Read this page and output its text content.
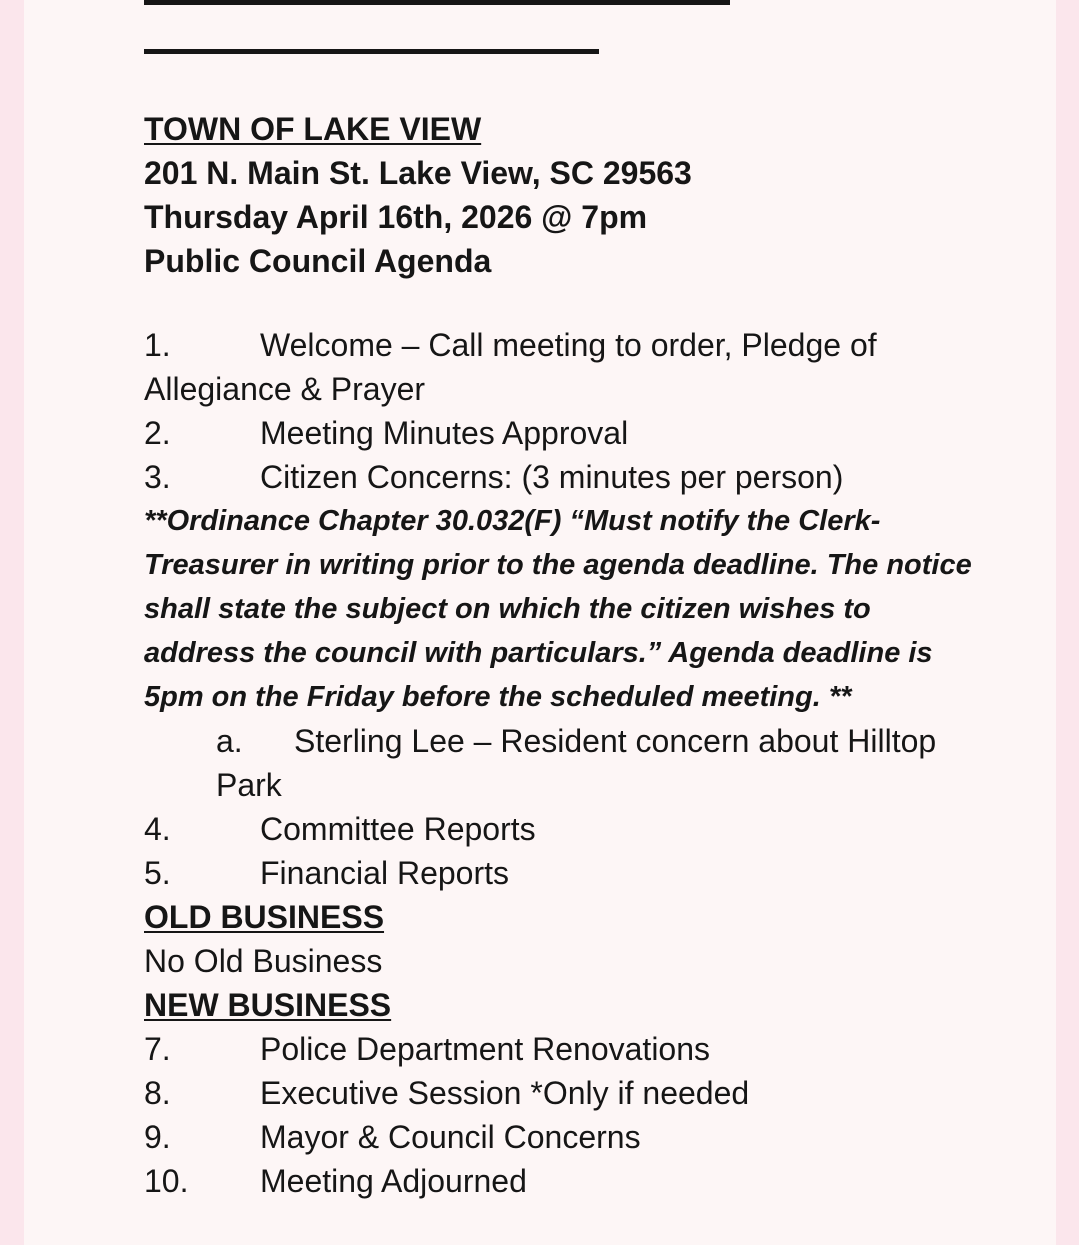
TOWN OF LAKE VIEW
201 N. Main St. Lake View, SC 29563
Thursday April 16th, 2026 @ 7pm
Public Council Agenda
1.	Welcome – Call meeting to order, Pledge of
Allegiance & Prayer
2.	Meeting Minutes Approval
3.	Citizen Concerns: (3 minutes per person)
**Ordinance Chapter 30.032(F) “Must notify the Clerk-Treasurer in writing prior to the agenda deadline. The notice shall state the subject on which the citizen wishes to address the council with particulars.” Agenda deadline is 5pm on the Friday before the scheduled meeting. **
a.	Sterling Lee – Resident concern about Hilltop
Park
4.	Committee Reports
5.	Financial Reports
OLD BUSINESS
No Old Business
NEW BUSINESS
7.	Police Department Renovations
8.	Executive Session *Only if needed
9.	Mayor & Council Concerns
10.	Meeting Adjourned
